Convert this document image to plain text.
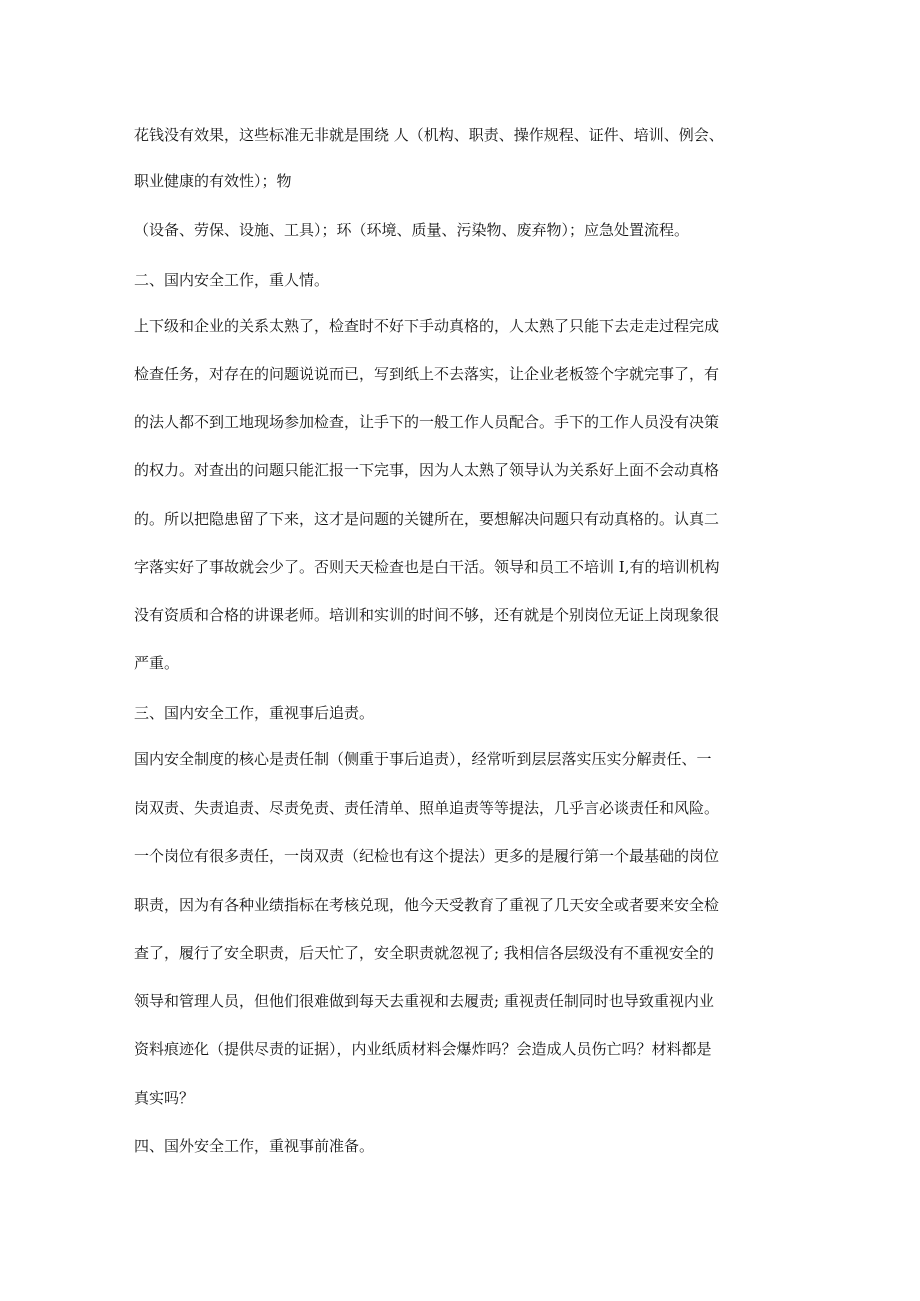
花钱没有效果，这些标准无非就是围绕 人（机构、职责、操作规程、证件、培训、例会、

职业健康的有效性）；物

（设备、劳保、设施、工具）；环（环境、质量、污染物、废弃物）；应急处置流程。

二、国内安全工作，重人情。

上下级和企业的关系太熟了，检查时不好下手动真格的，人太熟了只能下去走走过程完成

检查任务，对存在的问题说说而已，写到纸上不去落实，让企业老板签个字就完事了，有

的法人都不到工地现场参加检查，让手下的一般工作人员配合。手下的工作人员没有决策

的权力。对查出的问题只能汇报一下完事，因为人太熟了领导认为关系好上面不会动真格

的。所以把隐患留了下来，这才是问题的关键所在，要想解决问题只有动真格的。认真二

字落实好了事故就会少了。否则天天检查也是白干活。领导和员工不培训 I,有的培训机构

没有资质和合格的讲课老师。培训和实训的时间不够，还有就是个别岗位无证上岗现象很

严重。

三、国内安全工作，重视事后追责。

国内安全制度的核心是责任制（侧重于事后追责），经常听到层层落实压实分解责任、一

岗双责、失责追责、尽责免责、责任清单、照单追责等等提法，几乎言必谈责任和风险。

一个岗位有很多责任，一岗双责（纪检也有这个提法）更多的是履行第一个最基础的岗位

职责，因为有各种业绩指标在考核兑现，他今天受教育了重视了几天安全或者要来安全检

查了，履行了安全职责，后天忙了，安全职责就忽视了; 我相信各层级没有不重视安全的

领导和管理人员，但他们很难做到每天去重视和去履责; 重视责任制同时也导致重视内业

资料痕迹化（提供尽责的证据），内业纸质材料会爆炸吗？会造成人员伤亡吗？材料都是

真实吗？

四、国外安全工作，重视事前准备。
